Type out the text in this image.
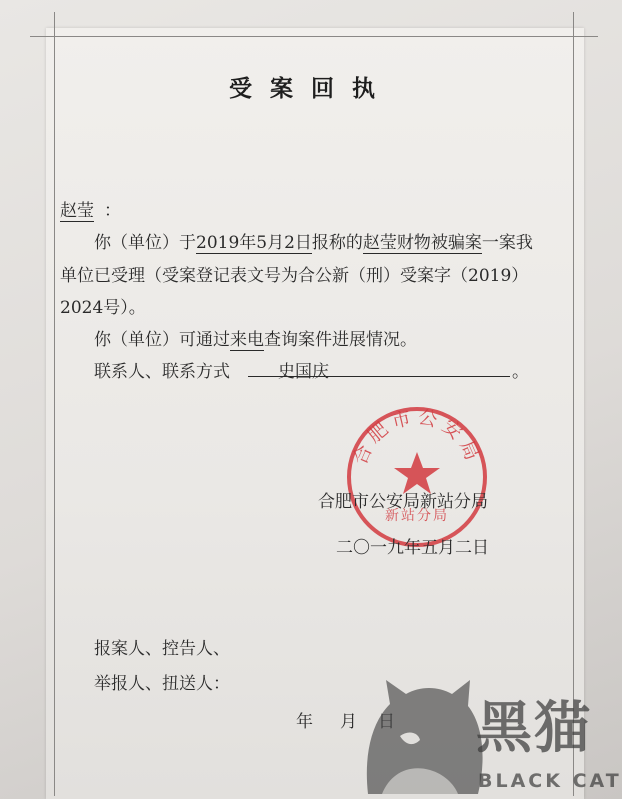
受案回执
赵莹 ：
你（单位）于2019年5月2日报称的赵莹财物被骗案一案我
单位已受理（受案登记表文号为合公新（刑）受案字（2019）
2024号）。
你（单位）可通过来电查询案件进展情况。
联系人、联系方式	史国庆	。
合肥市公安局
新站分局
合肥市公安局新站分局
二〇一九年五月二日
报案人、控告人、
举报人、扭送人：
年 月 黑猫
BLACK CAT
